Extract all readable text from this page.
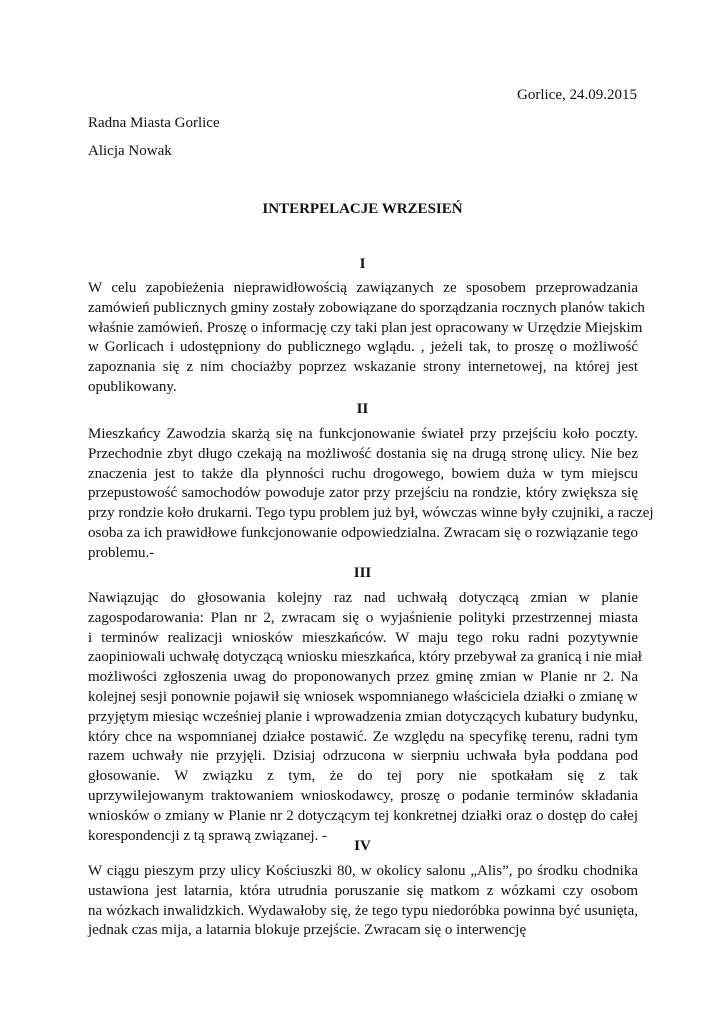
Gorlice, 24.09.2015
Radna Miasta Gorlice
Alicja Nowak
INTERPELACJE WRZESIEŃ
I
W celu zapobieżenia nieprawidłowością zawiązanych ze sposobem przeprowadzania
zamówień publicznych gminy zostały zobowiązane do sporządzania rocznych planów takich
właśnie zamówień. Proszę o informację czy taki plan jest opracowany w Urzędzie Miejskim
w Gorlicach i udostępniony do publicznego wglądu. , jeżeli tak, to proszę o możliwość
zapoznania się z nim chociażby poprzez wskazanie strony internetowej, na której jest
opublikowany.
II
Mieszkańcy Zawodzia skarżą się na funkcjonowanie świateł przy przejściu koło poczty.
Przechodnie zbyt długo czekają na możliwość dostania się na drugą stronę ulicy. Nie bez
znaczenia jest to także dla płynności ruchu drogowego, bowiem duża w tym miejscu
przepustowość samochodów powoduje zator przy przejściu na rondzie, który zwiększa się
przy rondzie koło drukarni. Tego typu problem już był, wówczas winne były czujniki, a raczej
osoba za ich prawidłowe funkcjonowanie odpowiedzialna. Zwracam się o rozwiązanie tego
problemu.-
III
Nawiązując do głosowania kolejny raz nad uchwałą dotyczącą zmian w planie
zagospodarowania: Plan nr 2, zwracam się o wyjaśnienie polityki przestrzennej miasta
i terminów realizacji wniosków mieszkańców. W maju tego roku radni pozytywnie
zaopiniowali uchwałę dotyczącą wniosku mieszkańca, który przebywał za granicą i nie miał
możliwości zgłoszenia uwag do proponowanych przez gminę zmian w Planie nr 2. Na
kolejnej sesji ponownie pojawił się wniosek wspomnianego właściciela działki o zmianę w
przyjętym miesiąc wcześniej planie i wprowadzenia zmian dotyczących kubatury budynku,
który chce na wspomnianej działce postawić. Ze względu na specyfikę terenu, radni tym
razem uchwały nie przyjęli. Dzisiaj odrzucona w sierpniu uchwała była poddana pod
głosowanie. W związku z tym, że do tej pory nie spotkałam się z tak
uprzywilejowanym traktowaniem wnioskodawcy, proszę o podanie terminów składania
wniosków o zmiany w Planie nr 2 dotyczącym tej konkretnej działki oraz o dostęp do całej
korespondencji z tą sprawą związanej. -
IV
W ciągu pieszym przy ulicy Kościuszki 80, w okolicy salonu „Alis”, po środku chodnika
ustawiona jest latarnia, która utrudnia poruszanie się matkom z wózkami czy osobom
na wózkach inwalidzkich. Wydawałoby się, że tego typu niedoróbka powinna być usunięta,
jednak czas mija, a latarnia blokuje przejście. Zwracam się o interwencję
